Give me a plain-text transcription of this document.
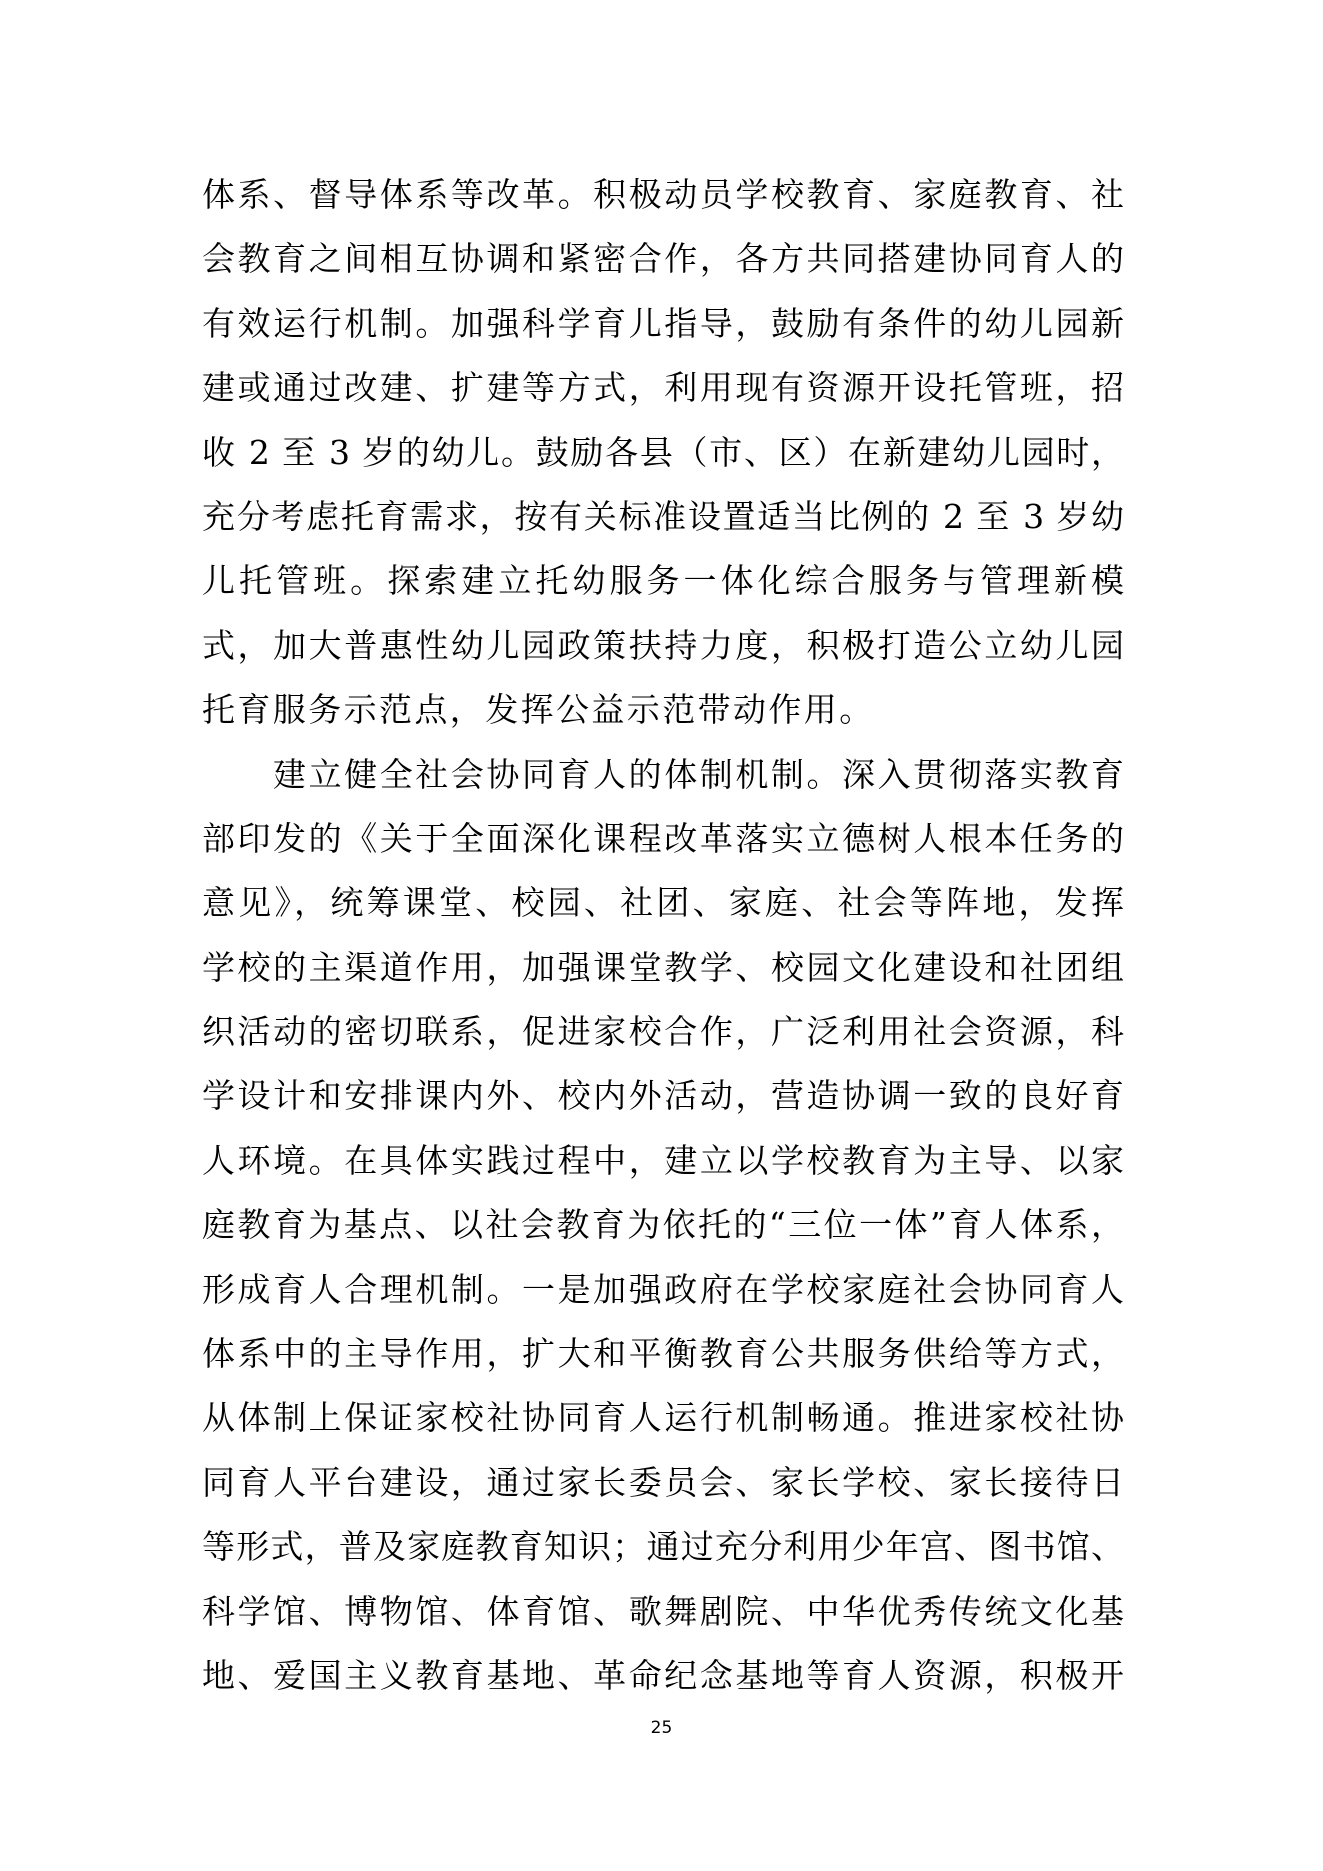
体系、督导体系等改革。积极动员学校教育、家庭教育、社
会教育之间相互协调和紧密合作，各方共同搭建协同育人的
有效运行机制。加强科学育儿指导，鼓励有条件的幼儿园新
建或通过改建、扩建等方式，利用现有资源开设托管班，招
收 2 至 3 岁的幼儿。鼓励各县（市、区）在新建幼儿园时，
充分考虑托育需求，按有关标准设置适当比例的 2 至 3 岁幼
儿托管班。探索建立托幼服务一体化综合服务与管理新模
式，加大普惠性幼儿园政策扶持力度，积极打造公立幼儿园
托育服务示范点，发挥公益示范带动作用。
建立健全社会协同育人的体制机制。深入贯彻落实教育
部印发的《关于全面深化课程改革落实立德树人根本任务的
意见》，统筹课堂、校园、社团、家庭、社会等阵地，发挥
学校的主渠道作用，加强课堂教学、校园文化建设和社团组
织活动的密切联系，促进家校合作，广泛利用社会资源，科
学设计和安排课内外、校内外活动，营造协调一致的良好育
人环境。在具体实践过程中，建立以学校教育为主导、以家
庭教育为基点、以社会教育为依托的“三位一体”育人体系，
形成育人合理机制。一是加强政府在学校家庭社会协同育人
体系中的主导作用，扩大和平衡教育公共服务供给等方式，
从体制上保证家校社协同育人运行机制畅通。推进家校社协
同育人平台建设，通过家长委员会、家长学校、家长接待日
等形式，普及家庭教育知识；通过充分利用少年宫、图书馆、
科学馆、博物馆、体育馆、歌舞剧院、中华优秀传统文化基
地、爱国主义教育基地、革命纪念基地等育人资源，积极开
25
